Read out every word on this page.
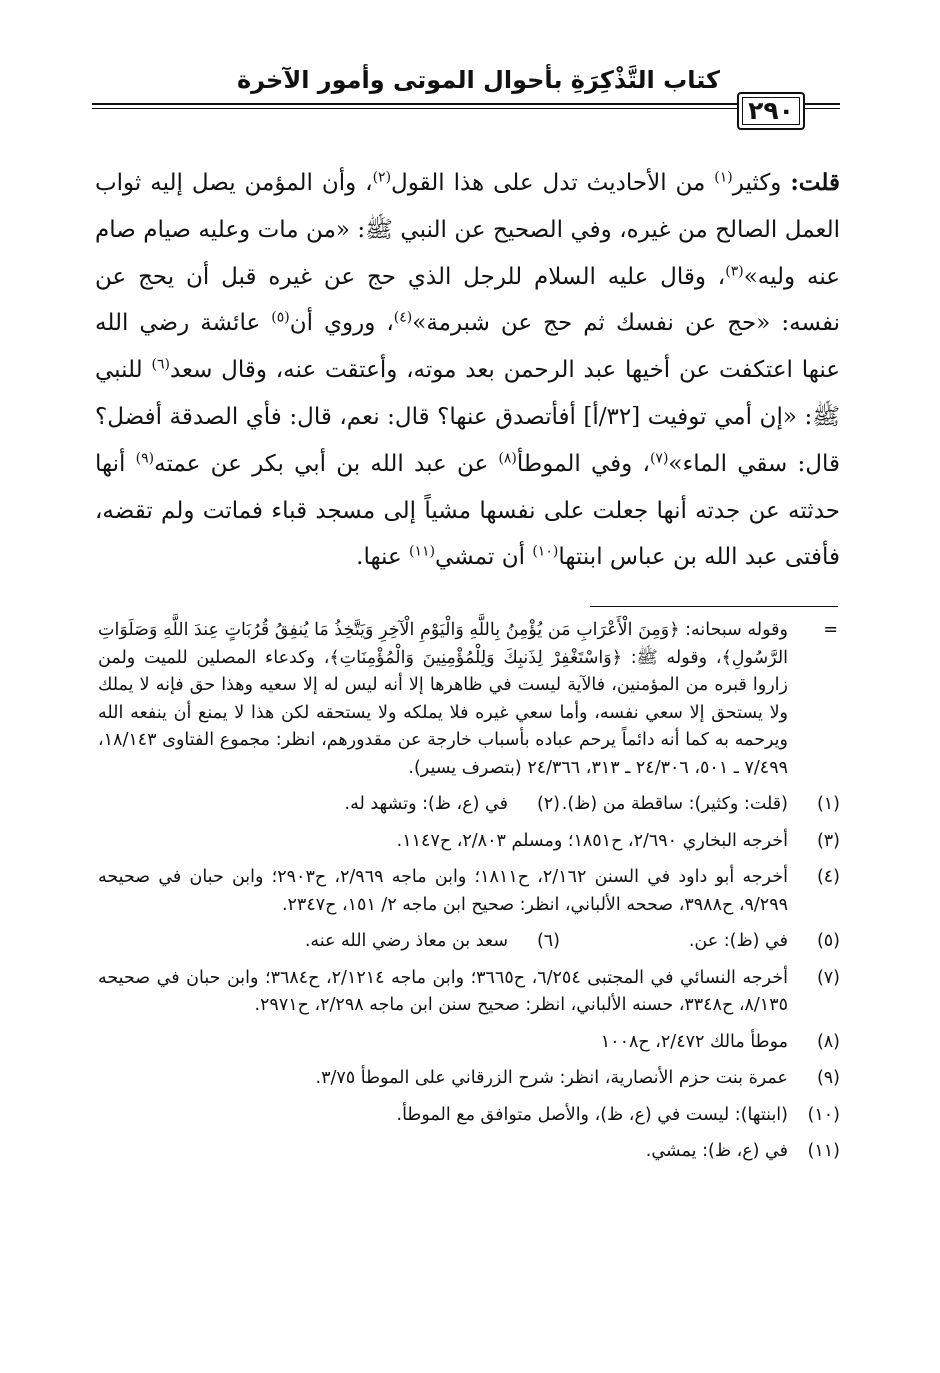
كتاب التَّذْكِرَةِ بأحوال الموتى وأمور الآخرة
٢٩٠

قلت: وكثير$^{(١)}$ من الأحاديث تدل على هذا القول$^{(٢)}$، وأن المؤمن يصل إليه ثواب العمل الصالح من غيره، وفي الصحيح عن النبي ﷺ: «من مات وعليه صيام صام عنه وليه»$^{(٣)}$، وقال عليه السلام للرجل الذي حج عن غيره قبل أن يحج عن نفسه: «حج عن نفسك ثم حج عن شبرمة»$^{(٤)}$، وروي أن$^{(٥)}$ عائشة رضي الله عنها اعتكفت عن أخيها عبد الرحمن بعد موته، وأعتقت عنه، وقال سعد$^{(٦)}$ للنبي ﷺ: «إن أمي توفيت [٣٢/أ] أفأتصدق عنها؟ قال: نعم، قال: فأي الصدقة أفضل؟ قال: سقي الماء»$^{(٧)}$، وفي الموطأ$^{(٨)}$ عن عبد الله بن أبي بكر عن عمته$^{(٩)}$ أنها حدثته عن جدته أنها جعلت على نفسها مشياً إلى مسجد قباء فماتت ولم تقضه، فأفتى عبد الله بن عباس ابنتها$^{(١٠)}$ أن تمشي$^{(١١)}$ عنها.

=
وقوله سبحانه: ﴿وَمِنَ الْأَعْرَابِ مَن يُؤْمِنُ بِاللَّهِ وَالْيَوْمِ الْآخِرِ وَيَتَّخِذُ مَا يُنفِقُ قُرُبَاتٍ عِندَ اللَّهِ وَصَلَوَاتِ الرَّسُولِ﴾، وقوله ﷺ: ﴿وَاسْتَغْفِرْ لِذَنبِكَ وَلِلْمُؤْمِنِينَ وَالْمُؤْمِنَاتِ﴾، وكدعاء المصلين للميت ولمن زاروا قبره من المؤمنين، فالآية ليست في ظاهرها إلا أنه ليس له إلا سعيه وهذا حق فإنه لا يملك ولا يستحق إلا سعي نفسه، وأما سعي غيره فلا يملكه ولا يستحقه لكن هذا لا يمنع أن ينفعه الله ويرحمه به كما أنه دائماً يرحم عباده بأسباب خارجة عن مقدورهم، انظر: مجموع الفتاوى ١٨/١٤٣، ٧/٤٩٩ ـ ٥٠١، ٢٤/٣٠٦ ـ ٣١٣، ٢٤/٣٦٦ (بتصرف يسير).
(١)
(قلت: وكثير): ساقطة من (ظ).
(٢)
في (ع، ظ): وتشهد له.
(٣)
أخرجه البخاري ٢/٦٩٠، ح١٨٥١؛ ومسلم ٢/٨٠٣، ح١١٤٧.
(٤)
أخرجه أبو داود في السنن ٢/١٦٢، ح١٨١١؛ وابن ماجه ٢/٩٦٩، ح٢٩٠٣؛ وابن حبان في صحيحه ٩/٢٩٩، ح٣٩٨٨، صححه الألباني، انظر: صحيح ابن ماجه ٢/ ١٥١، ح٢٣٤٧.
(٥)
في (ظ): عن.
(٦)
سعد بن معاذ رضي الله عنه.
(٧)
أخرجه النسائي في المجتبى ٦/٢٥٤، ح٣٦٦٥؛ وابن ماجه ٢/١٢١٤، ح٣٦٨٤؛ وابن حبان في صحيحه ٨/١٣٥، ح٣٣٤٨، حسنه الألباني، انظر: صحيح سنن ابن ماجه ٢/٢٩٨، ح٢٩٧١.
(٨)
موطأ مالك ٢/٤٧٢، ح١٠٠٨
(٩)
عمرة بنت حزم الأنصارية، انظر: شرح الزرقاني على الموطأ ٣/٧٥.
(١٠)
(ابنتها): ليست في (ع، ظ)، والأصل متوافق مع الموطأ.
(١١)
في (ع، ظ): يمشي.
